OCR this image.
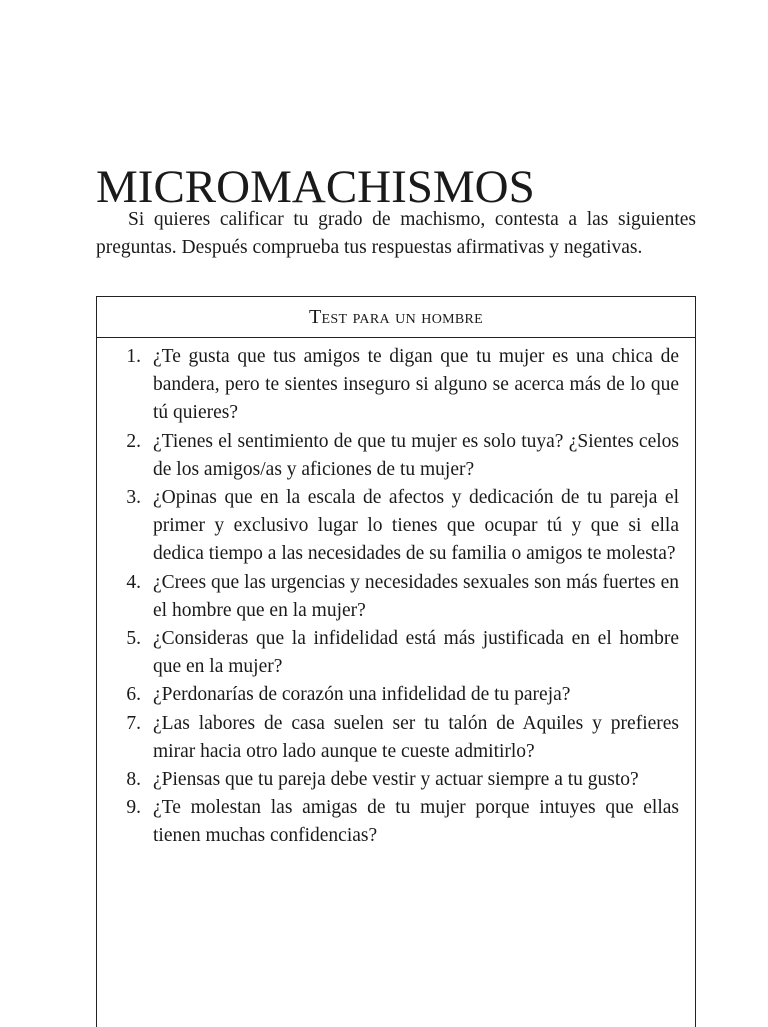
MICROMACHISMOS

Si quieres calificar tu grado de machismo, contesta a las siguientes preguntas. Después comprueba tus respuestas afirmativas y negativas.

Test para un hombre
1. ¿Te gusta que tus amigos te digan que tu mujer es una chica de bandera, pero te sientes inseguro si alguno se acerca más de lo que tú quieres?
2. ¿Tienes el sentimiento de que tu mujer es solo tuya? ¿Sientes celos de los amigos/as y aficiones de tu mujer?
3. ¿Opinas que en la escala de afectos y dedicación de tu pareja el primer y exclusivo lugar lo tienes que ocupar tú y que si ella dedica tiempo a las necesidades de su familia o amigos te molesta?
4. ¿Crees que las urgencias y necesidades sexuales son más fuertes en el hombre que en la mujer?
5. ¿Consideras que la infidelidad está más justificada en el hombre que en la mujer?
6. ¿Perdonarías de corazón una infidelidad de tu pareja?
7. ¿Las labores de casa suelen ser tu talón de Aquiles y prefieres mirar hacia otro lado aunque te cueste admitirlo?
8. ¿Piensas que tu pareja debe vestir y actuar siempre a tu gusto?
9. ¿Te molestan las amigas de tu mujer porque intuyes que ellas tienen muchas confidencias?
